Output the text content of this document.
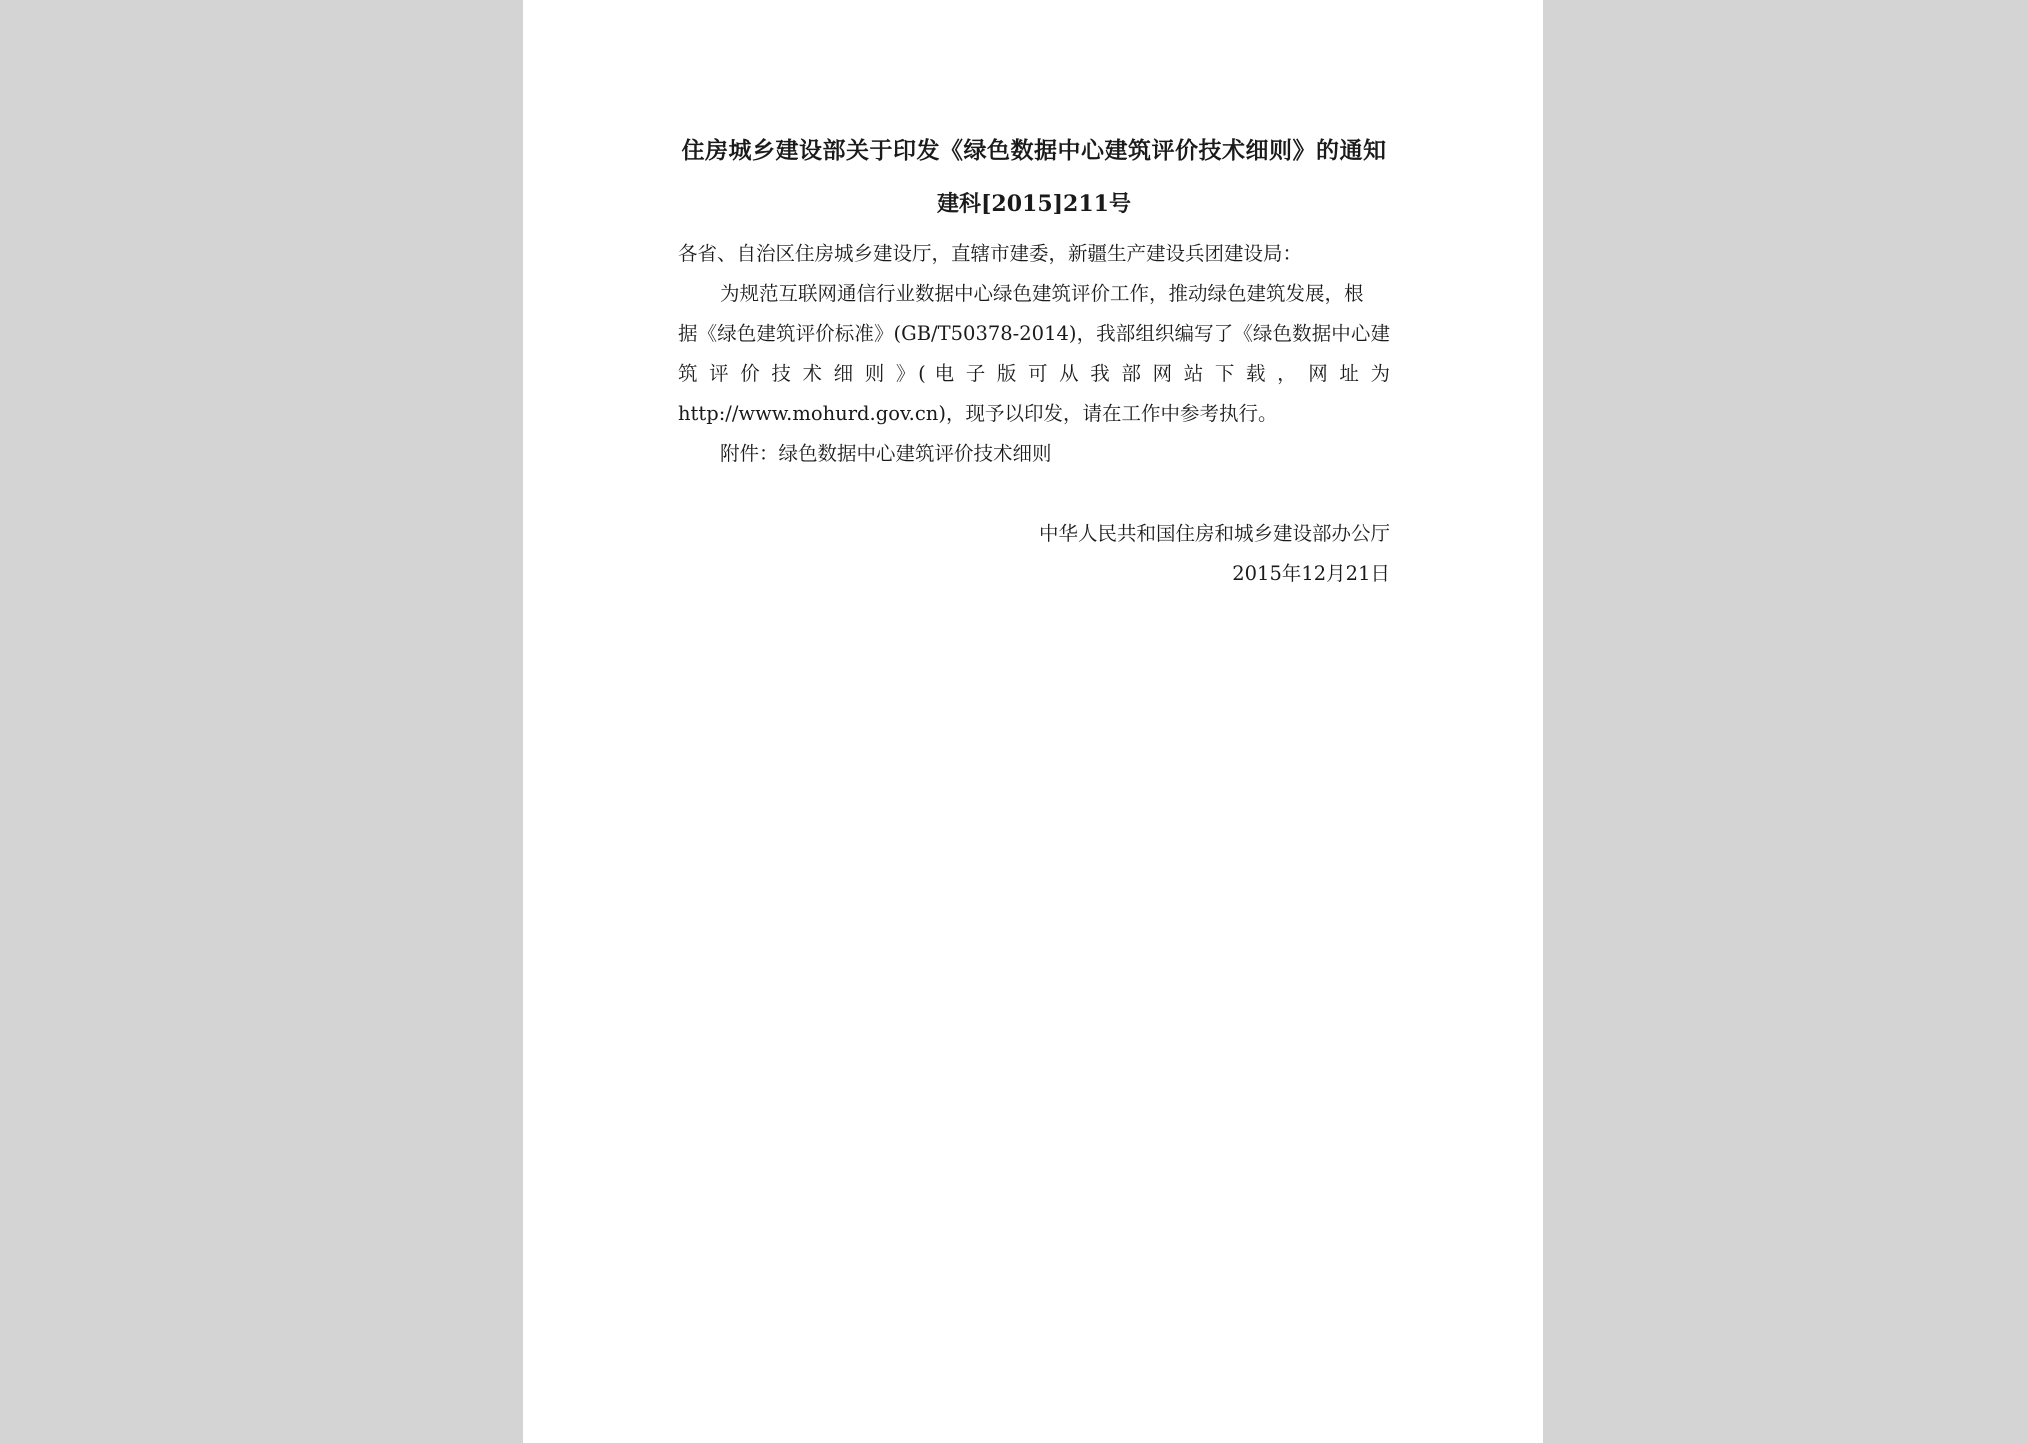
住房城乡建设部关于印发《绿色数据中心建筑评价技术细则》的通知
建科[2015]211号
各省、自治区住房城乡建设厅，直辖市建委，新疆生产建设兵团建设局：
为规范互联网通信行业数据中心绿色建筑评价工作，推动绿色建筑发展，根
据《绿色建筑评价标准》(GB/T50378-2014)，我部组织编写了《绿色数据中心建
筑 评 价 技 术 细 则 》( 电 子 版 可 从 我 部 网 站 下 载 ， 网 址 为
http://www.mohurd.gov.cn)，现予以印发，请在工作中参考执行。
附件：绿色数据中心建筑评价技术细则
中华人民共和国住房和城乡建设部办公厅
2015年12月21日
